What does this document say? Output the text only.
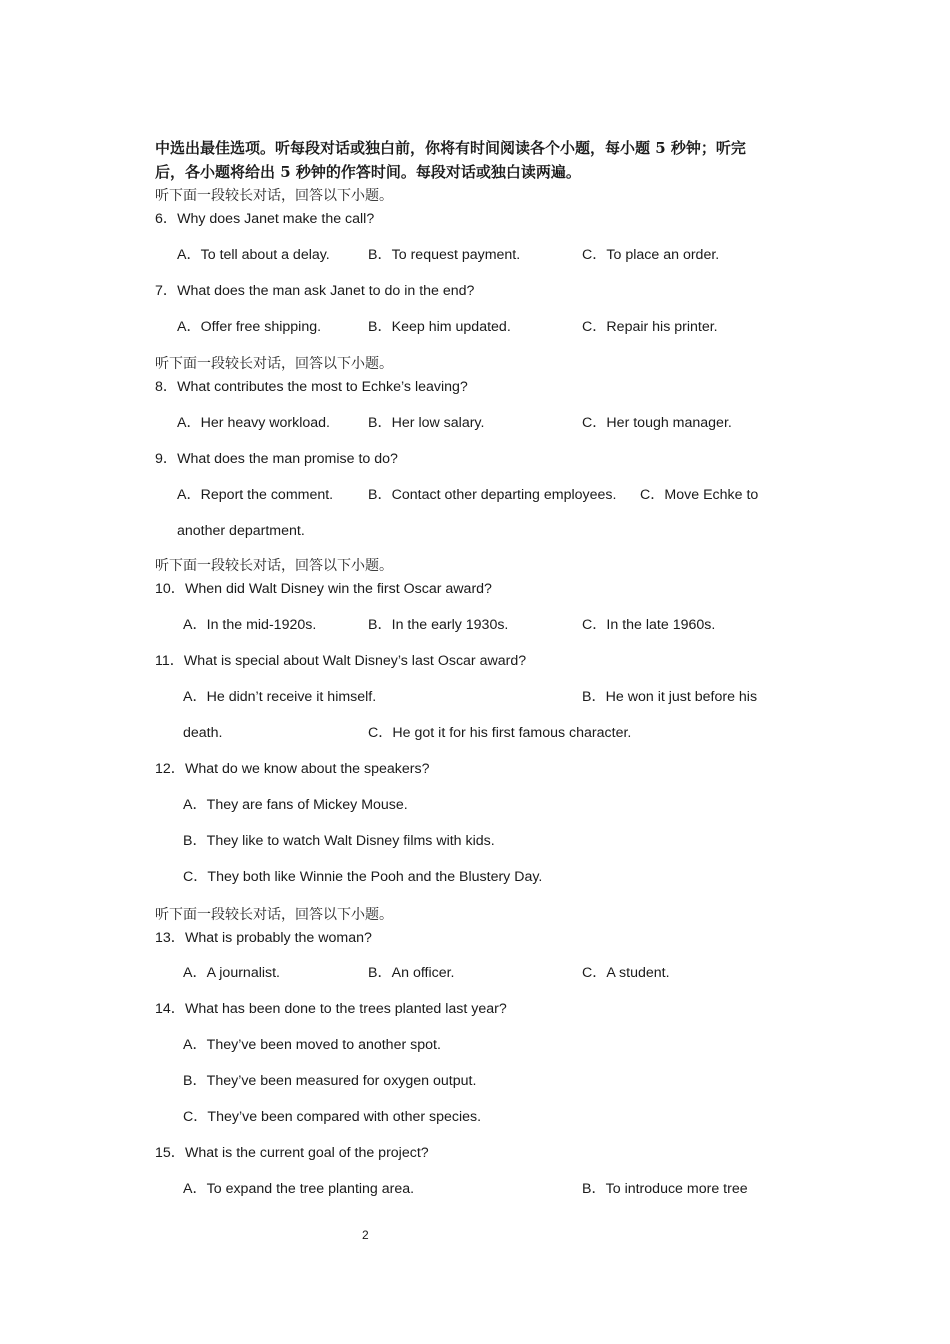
中选出最佳选项。听每段对话或独白前，你将有时间阅读各个小题，每小题 5 秒钟；听完
后，各小题将给出 5 秒钟的作答时间。每段对话或独白读两遍。
听下面一段较长对话，回答以下小题。
6．Why does Janet make the call?
A．To tell about a delay.	B．To request payment.	C．To place an order.
7．What does the man ask Janet to do in the end?
A．Offer free shipping.	B．Keep him updated.	C．Repair his printer.
听下面一段较长对话，回答以下小题。
8．What contributes the most to Echke’s leaving?
A．Her heavy workload.	B．Her low salary.	C．Her tough manager.
9．What does the man promise to do?
A．Report the comment. B．Contact other departing employees. C．Move Echke to
another department.
听下面一段较长对话，回答以下小题。
10．When did Walt Disney win the first Oscar award?
A．In the mid-1920s.	B．In the early 1930s.	C．In the late 1960s.
11．What is special about Walt Disney’s last Oscar award?
A．He didn’t receive it himself.	B．He won it just before his
death.	C．He got it for his first famous character.
12．What do we know about the speakers?
A．They are fans of Mickey Mouse.
B．They like to watch Walt Disney films with kids.
C．They both like Winnie the Pooh and the Blustery Day.
听下面一段较长对话，回答以下小题。
13．What is probably the woman?
A．A journalist.	B．An officer.	C．A student.
14．What has been done to the trees planted last year?
A．They’ve been moved to another spot.
B．They’ve been measured for oxygen output.
C．They’ve been compared with other species.
15．What is the current goal of the project?
A．To expand the tree planting area.	B．To introduce more tree
2
